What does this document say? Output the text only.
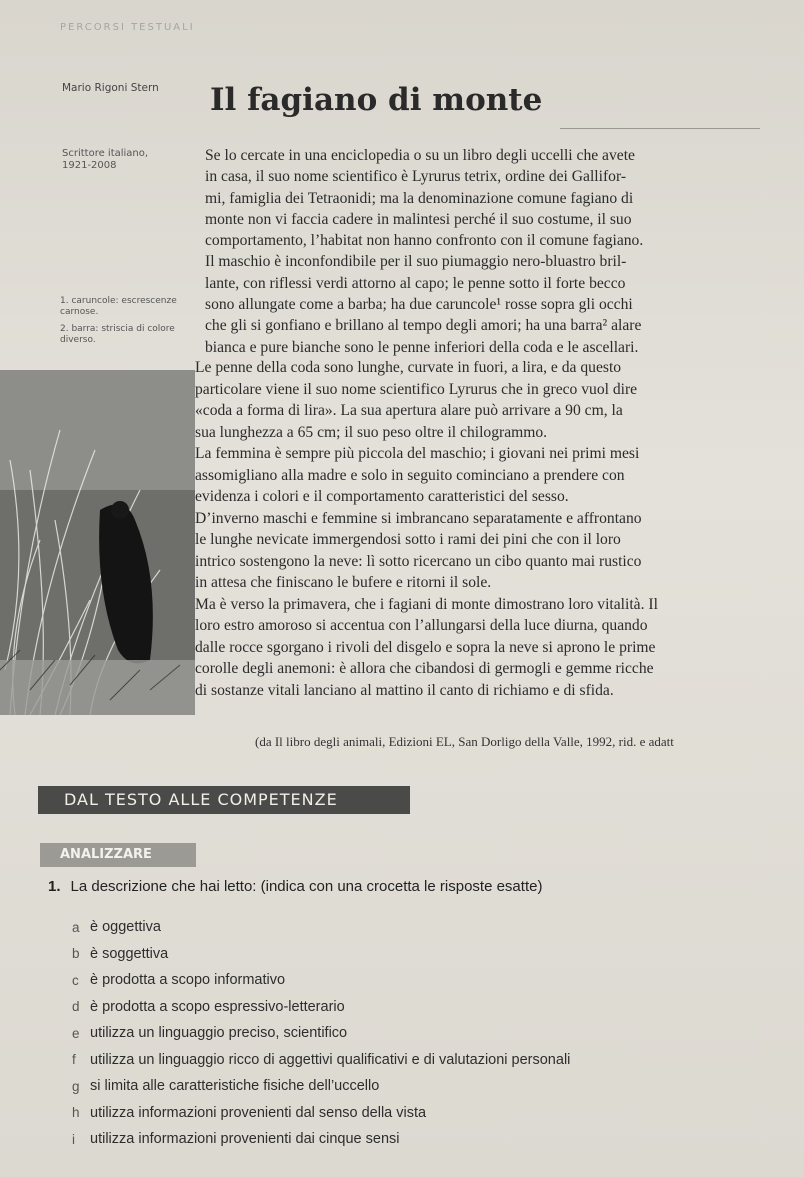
PERCORSI TESTUALI
Mario Rigoni Stern	Il fagiano di monte
Scrittore italiano,
1921-2008

1. caruncole: escrescenze carnose.

2. barra: striscia di colore diverso.

Se lo cercate in una enciclopedia o su un libro degli uccelli che avete
in casa, il suo nome scientifico è Lyrurus tetrix, ordine dei Gallifor-
mi, famiglia dei Tetraonidi; ma la denominazione comune fagiano di
monte non vi faccia cadere in malintesi perché il suo costume, il suo
comportamento, l’habitat non hanno confronto con il comune fagiano.
Il maschio è inconfondibile per il suo piumaggio nero-bluastro bril-
lante, con riflessi verdi attorno al capo; le penne sotto il forte becco
sono allungate come a barba; ha due caruncole¹ rosse sopra gli occhi
che gli si gonfiano e brillano al tempo degli amori; ha una barra² alare
bianca e pure bianche sono le penne inferiori della coda e le ascellari.
Le penne della coda sono lunghe, curvate in fuori, a lira, e da questo
particolare viene il suo nome scientifico Lyrurus che in greco vuol dire
«coda a forma di lira». La sua apertura alare può arrivare a 90 cm, la
sua lunghezza a 65 cm; il suo peso oltre il chilogrammo.
La femmina è sempre più piccola del maschio; i giovani nei primi mesi
assomigliano alla madre e solo in seguito cominciano a prendere con
evidenza i colori e il comportamento caratteristici del sesso.
D’inverno maschi e femmine si imbrancano separatamente e affrontano
le lunghe nevicate immergendosi sotto i rami dei pini che con il loro
intrico sostengono la neve: lì sotto ricercano un cibo quanto mai rustico
in attesa che finiscano le bufere e ritorni il sole.
Ma è verso la primavera, che i fagiani di monte dimostrano loro vitalità. Il
loro estro amoroso si accentua con l’allungarsi della luce diurna, quando
dalle rocce sgorgano i rivoli del disgelo e sopra la neve si aprono le prime
corolle degli anemoni: è allora che cibandosi di germogli e gemme ricche
di sostanze vitali lanciano al mattino il canto di richiamo e di sfida.
(da Il libro degli animali, Edizioni EL, San Dorligo della Valle, 1992, rid. e adatt
DAL TESTO ALLE COMPETENZE
ANALIZZARE
1. La descrizione che hai letto: (indica con una crocetta le risposte esatte)
a è oggettiva
b è soggettiva
c è prodotta a scopo informativo
d è prodotta a scopo espressivo-letterario
e utilizza un linguaggio preciso, scientifico
f utilizza un linguaggio ricco di aggettivi qualificativi e di valutazioni personali
g si limita alle caratteristiche fisiche dell’uccello
h utilizza informazioni provenienti dal senso della vista
i	utilizza informazioni provenienti dai cinque sensi
